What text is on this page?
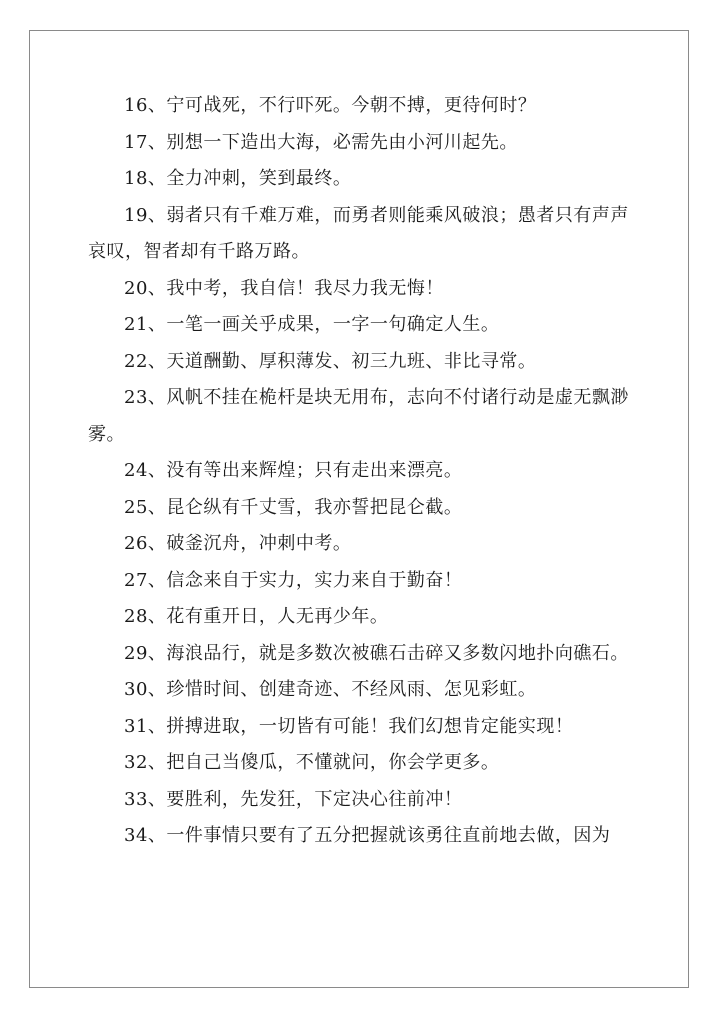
16、宁可战死，不行吓死。今朝不搏，更待何时？

17、别想一下造出大海，必需先由小河川起先。

18、全力冲刺，笑到最终。

19、弱者只有千难万难，而勇者则能乘风破浪；愚者只有声声哀叹，智者却有千路万路。

20、我中考，我自信！我尽力我无悔！

21、一笔一画关乎成果，一字一句确定人生。

22、天道酬勤、厚积薄发、初三九班、非比寻常。

23、风帆不挂在桅杆是块无用布，志向不付诸行动是虚无飘渺雾。

24、没有等出来辉煌；只有走出来漂亮。

25、昆仑纵有千丈雪，我亦誓把昆仑截。

26、破釜沉舟，冲刺中考。

27、信念来自于实力，实力来自于勤奋！

28、花有重开日，人无再少年。

29、海浪品行，就是多数次被礁石击碎又多数闪地扑向礁石。

30、珍惜时间、创建奇迹、不经风雨、怎见彩虹。

31、拼搏进取，一切皆有可能！我们幻想肯定能实现！

32、把自己当傻瓜，不懂就问，你会学更多。

33、要胜利，先发狂，下定决心往前冲！

34、一件事情只要有了五分把握就该勇往直前地去做，因为
